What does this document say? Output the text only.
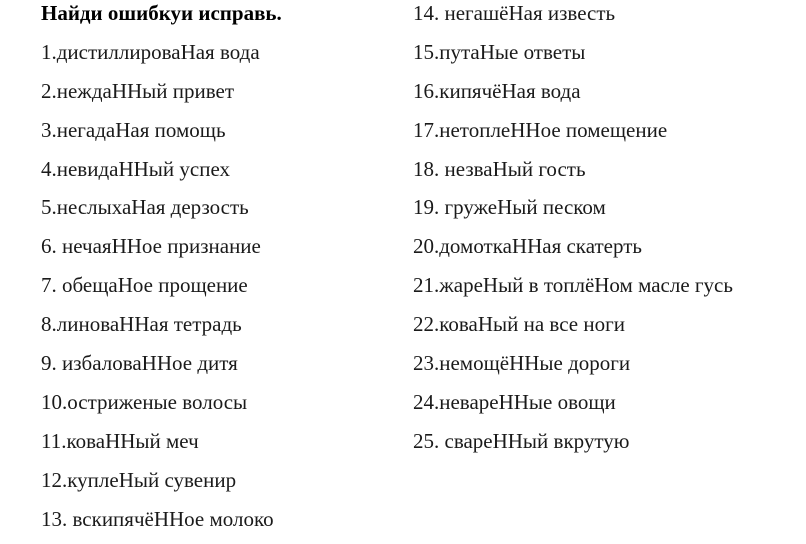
Найди ошибкуи исправь.
1.дистиллироваНая вода
2.неждаННый привет
3.негадаНая помощь
4.невидаННый успех
5.неслыхаНая дерзость
6. нечаяННое признание
7. обещаНое прощение
8.линоваННая тетрадь
9. избаловаННое дитя
10.остриженые волосы
11.коваННый меч
12.куплеНый сувенир
13. вскипячёННое молоко
14. негашёНая известь
15.путаНые ответы
16.кипячёНая вода
17.нетоплеННое помещение
18. незваНый гость
19. гружеНый песком
20.домоткаННая скатерть
21.жареНый в топлёНом масле гусь
22.коваНый на все ноги
23.немощёННые дороги
24.невареННые овощи
25. свареННый вкрутую
